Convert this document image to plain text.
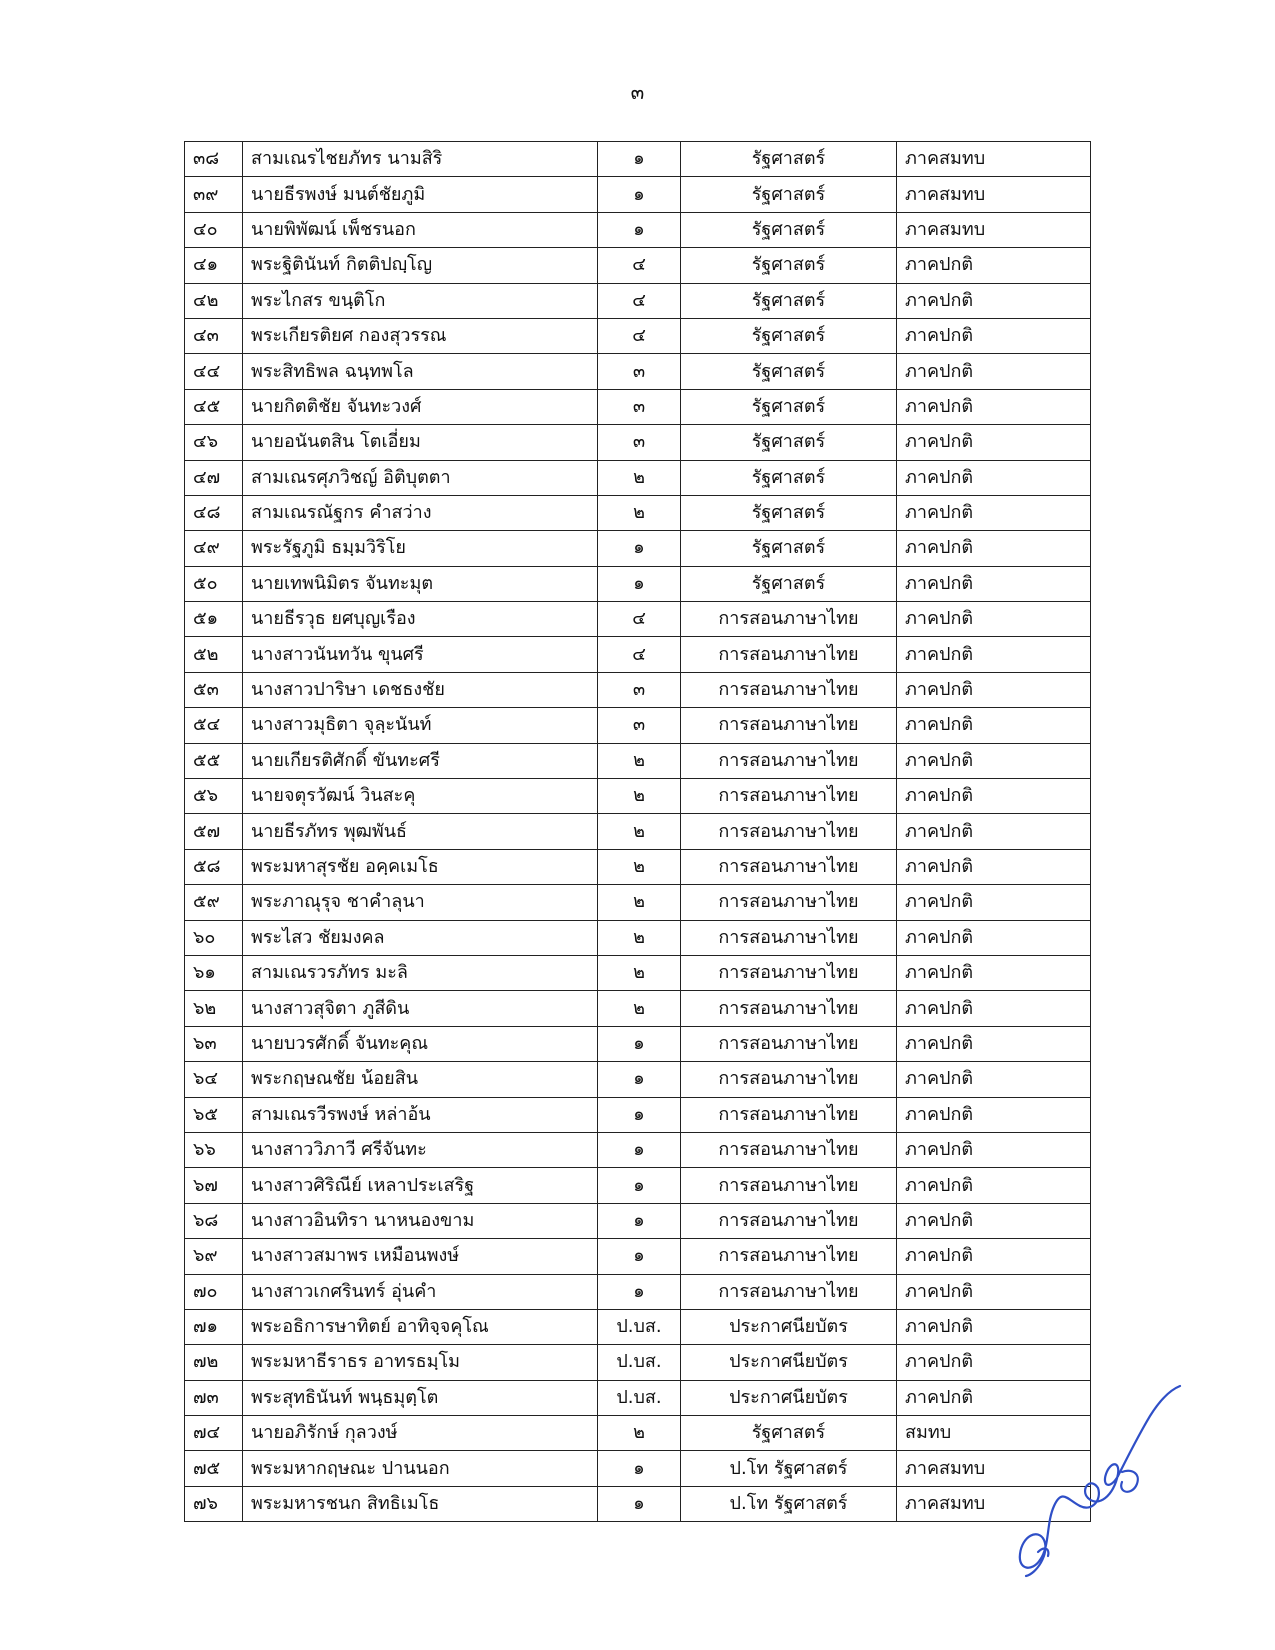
๓
๓๘	สามเณรไชยภัทร นามสิริ	๑	รัฐศาสตร์	ภาคสมทบ
๓๙	นายธีรพงษ์ มนต์ชัยภูมิ	๑	รัฐศาสตร์	ภาคสมทบ
๔๐	นายพิพัฒน์ เพ็ชรนอก	๑	รัฐศาสตร์	ภาคสมทบ
๔๑	พระฐิตินันท์ กิตติปญฺโญ	๔	รัฐศาสตร์	ภาคปกติ
๔๒	พระไกสร ขนฺติโก	๔	รัฐศาสตร์	ภาคปกติ
๔๓	พระเกียรติยศ กองสุวรรณ	๔	รัฐศาสตร์	ภาคปกติ
๔๔	พระสิทธิพล ฉนฺทพโล	๓	รัฐศาสตร์	ภาคปกติ
๔๕	นายกิตติชัย จันทะวงศ์	๓	รัฐศาสตร์	ภาคปกติ
๔๖	นายอนันตสิน โตเอี่ยม	๓	รัฐศาสตร์	ภาคปกติ
๔๗	สามเณรศุภวิชญ์ อิติบุตตา	๒	รัฐศาสตร์	ภาคปกติ
๔๘	สามเณรณัฐกร คำสว่าง	๒	รัฐศาสตร์	ภาคปกติ
๔๙	พระรัฐภูมิ ธมฺมวิริโย	๑	รัฐศาสตร์	ภาคปกติ
๕๐	นายเทพนิมิตร จันทะมุต	๑	รัฐศาสตร์	ภาคปกติ
๕๑	นายธีรวุธ ยศบุญเรือง	๔	การสอนภาษาไทย	ภาคปกติ
๕๒	นางสาวนันทวัน ขุนศรี	๔	การสอนภาษาไทย	ภาคปกติ
๕๓	นางสาวปาริษา เดชธงชัย	๓	การสอนภาษาไทย	ภาคปกติ
๕๔	นางสาวมุธิตา จุลฺะนันท์	๓	การสอนภาษาไทย	ภาคปกติ
๕๕	นายเกียรติศักดิ์ ขันทะศรี	๒	การสอนภาษาไทย	ภาคปกติ
๕๖	นายจตุรวัฒน์ วินสะคุ	๒	การสอนภาษาไทย	ภาคปกติ
๕๗	นายธีรภัทร พุฒพันธ์	๒	การสอนภาษาไทย	ภาคปกติ
๕๘	พระมหาสุรชัย อคฺคเมโธ	๒	การสอนภาษาไทย	ภาคปกติ
๕๙	พระภาณุรุจ ชาคำลุนา	๒	การสอนภาษาไทย	ภาคปกติ
๖๐	พระไสว ชัยมงคล	๒	การสอนภาษาไทย	ภาคปกติ
๖๑	สามเณรวรภัทร มะลิ	๒	การสอนภาษาไทย	ภาคปกติ
๖๒	นางสาวสุจิตา ภูสีดิน	๒	การสอนภาษาไทย	ภาคปกติ
๖๓	นายบวรศักดิ์ จันทะคุณ	๑	การสอนภาษาไทย	ภาคปกติ
๖๔	พระกฤษณชัย น้อยสิน	๑	การสอนภาษาไทย	ภาคปกติ
๖๕	สามเณรวีรพงษ์ หล่าอ้น	๑	การสอนภาษาไทย	ภาคปกติ
๖๖	นางสาววิภาวี ศรีจันทะ	๑	การสอนภาษาไทย	ภาคปกติ
๖๗	นางสาวศิริณีย์ เหลาประเสริฐ	๑	การสอนภาษาไทย	ภาคปกติ
๖๘	นางสาวอินทิรา นาหนองขาม	๑	การสอนภาษาไทย	ภาคปกติ
๖๙	นางสาวสมาพร เหมือนพงษ์	๑	การสอนภาษาไทย	ภาคปกติ
๗๐	นางสาวเกศรินทร์ อุ่นคำ	๑	การสอนภาษาไทย	ภาคปกติ
๗๑	พระอธิการษาทิตย์ อาทิจฺจคุโณ	ป.บส.	ประกาศนียบัตร	ภาคปกติ
๗๒	พระมหาธีราธร อาทรธมฺโม	ป.บส.	ประกาศนียบัตร	ภาคปกติ
๗๓	พระสุทธินันท์ พนฺธมุตฺโต	ป.บส.	ประกาศนียบัตร	ภาคปกติ
๗๔	นายอภิรักษ์ กุลวงษ์	๒	รัฐศาสตร์	สมทบ
๗๕	พระมหากฤษณะ ปานนอก	๑	ป.โท รัฐศาสตร์	ภาคสมทบ
๗๖	พระมหารชนก สิทธิเมโธ	๑	ป.โท รัฐศาสตร์	ภาคสมทบ
